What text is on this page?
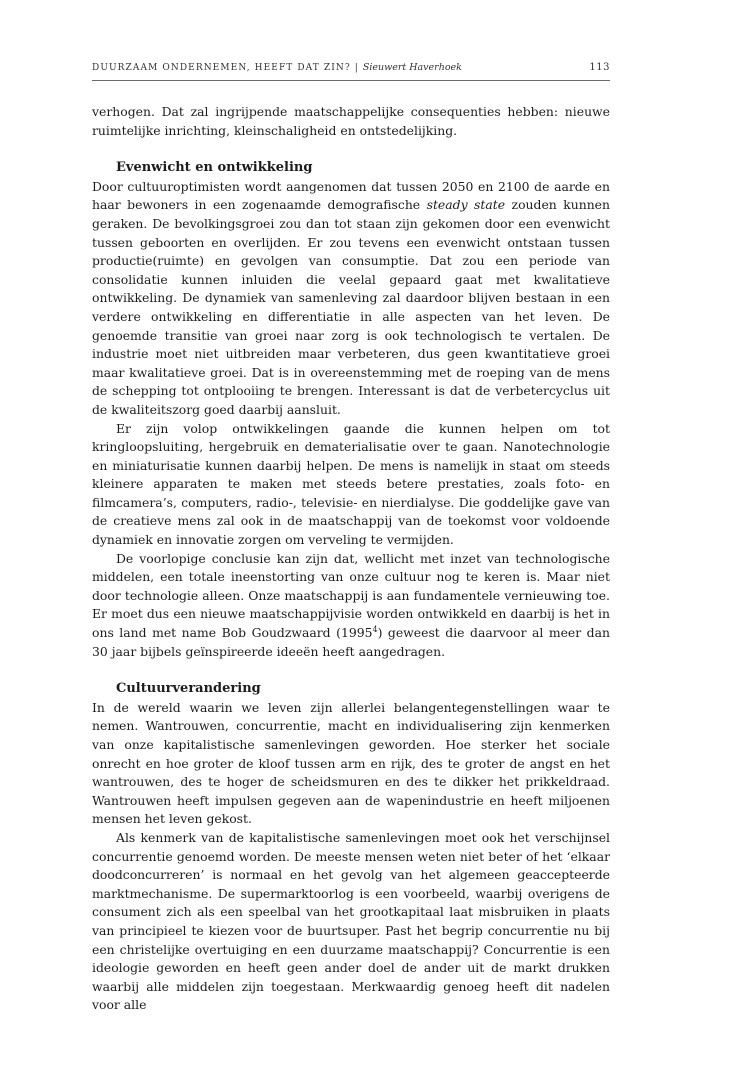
DUURZAAM ONDERNEMEN, HEEFT DAT ZIN? | Sieuwert Haverhoek	113

verhogen. Dat zal ingrijpende maatschappelijke consequenties hebben: nieuwe ruimtelijke inrichting, kleinschaligheid en ontstedelijking.

Evenwicht en ontwikkeling

Door cultuuroptimisten wordt aangenomen dat tussen 2050 en 2100 de aarde en haar bewoners in een zogenaamde demografische steady state zouden kunnen geraken. De bevolkingsgroei zou dan tot staan zijn gekomen door een evenwicht tussen geboorten en overlijden. Er zou tevens een evenwicht ontstaan tussen productie(ruimte) en gevolgen van consumptie. Dat zou een periode van consolidatie kunnen inluiden die veelal gepaard gaat met kwalitatieve ontwikkeling. De dynamiek van samenleving zal daardoor blijven bestaan in een verdere ontwikkeling en differentiatie in alle aspecten van het leven. De genoemde transitie van groei naar zorg is ook technologisch te vertalen. De industrie moet niet uitbreiden maar verbeteren, dus geen kwantitatieve groei maar kwalitatieve groei. Dat is in overeenstemming met de roeping van de mens de schepping tot ontplooiing te brengen. Interessant is dat de verbetercyclus uit de kwaliteitszorg goed daarbij aansluit.

Er zijn volop ontwikkelingen gaande die kunnen helpen om tot kringloopsluiting, hergebruik en dematerialisatie over te gaan. Nanotechnologie en miniaturisatie kunnen daarbij helpen. De mens is namelijk in staat om steeds kleinere apparaten te maken met steeds betere prestaties, zoals foto- en filmcamera’s, computers, radio-, televisie- en nierdialyse. Die goddelijke gave van de creatieve mens zal ook in de maatschappij van de toekomst voor voldoende dynamiek en innovatie zorgen om verveling te vermijden.

De voorlopige conclusie kan zijn dat, wellicht met inzet van technologische middelen, een totale ineenstorting van onze cultuur nog te keren is. Maar niet door technologie alleen. Onze maatschappij is aan fundamentele vernieuwing toe. Er moet dus een nieuwe maatschappijvisie worden ontwikkeld en daarbij is het in ons land met name Bob Goudzwaard (1995$^4$) geweest die daarvoor al meer dan 30 jaar bijbels geïnspireerde ideeën heeft aangedragen.

Cultuurverandering

In de wereld waarin we leven zijn allerlei belangentegenstellingen waar te nemen. Wantrouwen, concurrentie, macht en individualisering zijn kenmerken van onze kapitalistische samenlevingen geworden. Hoe sterker het sociale onrecht en hoe groter de kloof tussen arm en rijk, des te groter de angst en het wantrouwen, des te hoger de scheidsmuren en des te dikker het prikkeldraad. Wantrouwen heeft impulsen gegeven aan de wapenindustrie en heeft miljoenen mensen het leven gekost.

Als kenmerk van de kapitalistische samenlevingen moet ook het verschijnsel concurrentie genoemd worden. De meeste mensen weten niet beter of het ‘elkaar doodconcurreren’ is normaal en het gevolg van het algemeen geaccepteerde marktmechanisme. De supermarktoorlog is een voorbeeld, waarbij overigens de consument zich als een speelbal van het grootkapitaal laat misbruiken in plaats van principieel te kiezen voor de buurtsuper. Past het begrip concurrentie nu bij een christelijke overtuiging en een duurzame maatschappij? Concurrentie is een ideologie geworden en heeft geen ander doel de ander uit de markt drukken waarbij alle middelen zijn toegestaan. Merkwaardig genoeg heeft dit nadelen voor alle
